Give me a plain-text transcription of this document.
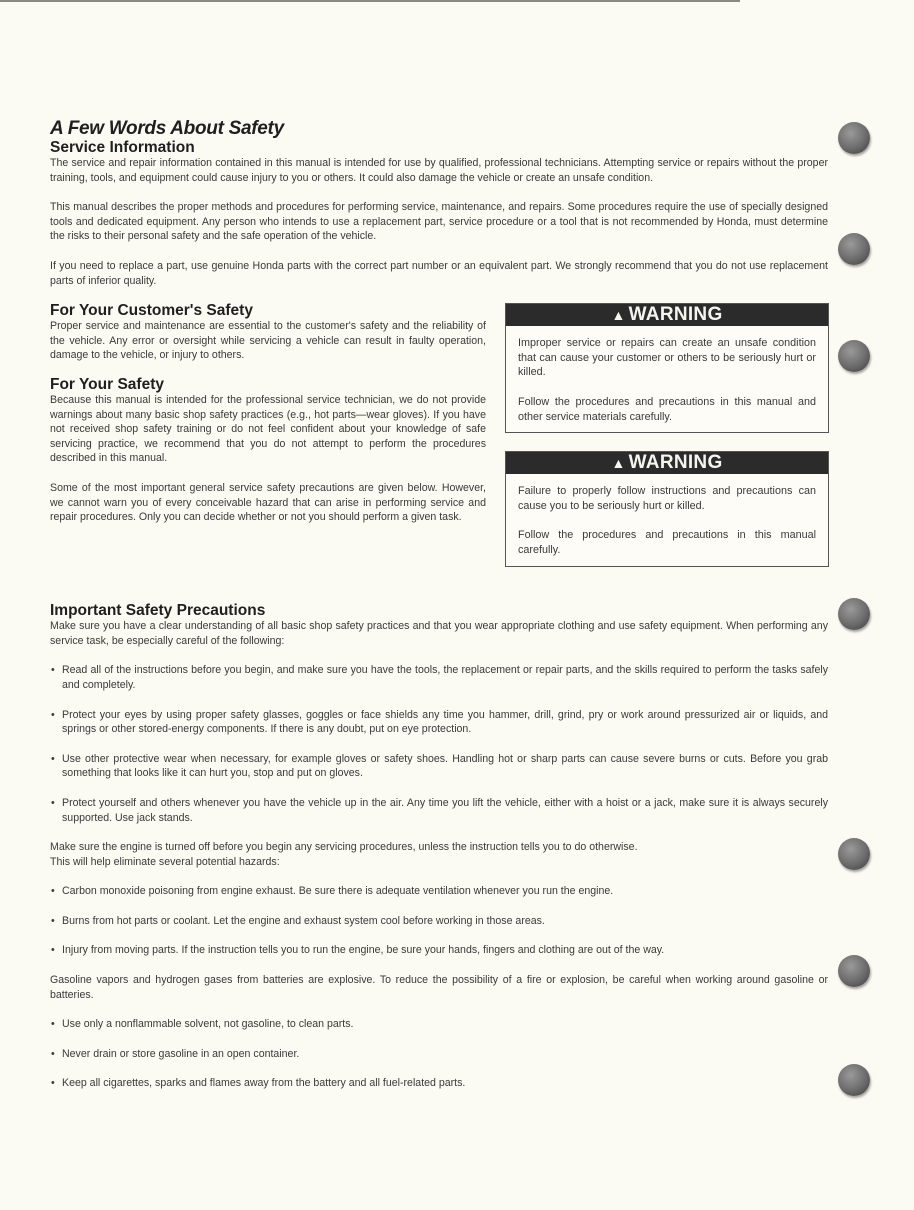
A Few Words About Safety
Service Information

The service and repair information contained in this manual is intended for use by qualified, professional technicians. Attempting service or repairs without the proper training, tools, and equipment could cause injury to you or others. It could also damage the vehicle or create an unsafe condition.

This manual describes the proper methods and procedures for performing service, maintenance, and repairs. Some procedures require the use of specially designed tools and dedicated equipment. Any person who intends to use a replacement part, service procedure or a tool that is not recommended by Honda, must determine the risks to their personal safety and the safe operation of the vehicle.

If you need to replace a part, use genuine Honda parts with the correct part number or an equivalent part. We strongly recommend that you do not use replacement parts of inferior quality.

For Your Customer's Safety

Proper service and maintenance are essential to the customer's safety and the reliability of the vehicle. Any error or oversight while servicing a vehicle can result in faulty operation, damage to the vehicle, or injury to others.

For Your Safety

Because this manual is intended for the professional service technician, we do not provide warnings about many basic shop safety practices (e.g., hot parts—wear gloves). If you have not received shop safety training or do not feel confident about your knowledge of safe servicing practice, we recommend that you do not attempt to perform the procedures described in this manual.

Some of the most important general service safety precautions are given below. However, we cannot warn you of every conceivable hazard that can arise in performing service and repair procedures. Only you can decide whether or not you should perform a given task.

▲ WARNING

Improper service or repairs can create an unsafe condition that can cause your customer or others to be seriously hurt or killed.

Follow the procedures and precautions in this manual and other service materials carefully.

▲ WARNING

Failure to properly follow instructions and precautions can cause you to be seriously hurt or killed.

Follow the procedures and precautions in this manual carefully.

Important Safety Precautions

Make sure you have a clear understanding of all basic shop safety practices and that you wear appropriate clothing and use safety equipment. When performing any service task, be especially careful of the following:

• Read all of the instructions before you begin, and make sure you have the tools, the replacement or repair parts, and the skills required to perform the tasks safely and completely.
• Protect your eyes by using proper safety glasses, goggles or face shields any time you hammer, drill, grind, pry or work around pressurized air or liquids, and springs or other stored-energy components. If there is any doubt, put on eye protection.
• Use other protective wear when necessary, for example gloves or safety shoes. Handling hot or sharp parts can cause severe burns or cuts. Before you grab something that looks like it can hurt you, stop and put on gloves.
• Protect yourself and others whenever you have the vehicle up in the air. Any time you lift the vehicle, either with a hoist or a jack, make sure it is always securely supported. Use jack stands.

Make sure the engine is turned off before you begin any servicing procedures, unless the instruction tells you to do otherwise.

This will help eliminate several potential hazards:

• Carbon monoxide poisoning from engine exhaust. Be sure there is adequate ventilation whenever you run the engine.
• Burns from hot parts or coolant. Let the engine and exhaust system cool before working in those areas.
• Injury from moving parts. If the instruction tells you to run the engine, be sure your hands, fingers and clothing are out of the way.

Gasoline vapors and hydrogen gases from batteries are explosive. To reduce the possibility of a fire or explosion, be careful when working around gasoline or batteries.

• Use only a nonflammable solvent, not gasoline, to clean parts.
• Never drain or store gasoline in an open container.
• Keep all cigarettes, sparks and flames away from the battery and all fuel-related parts.
